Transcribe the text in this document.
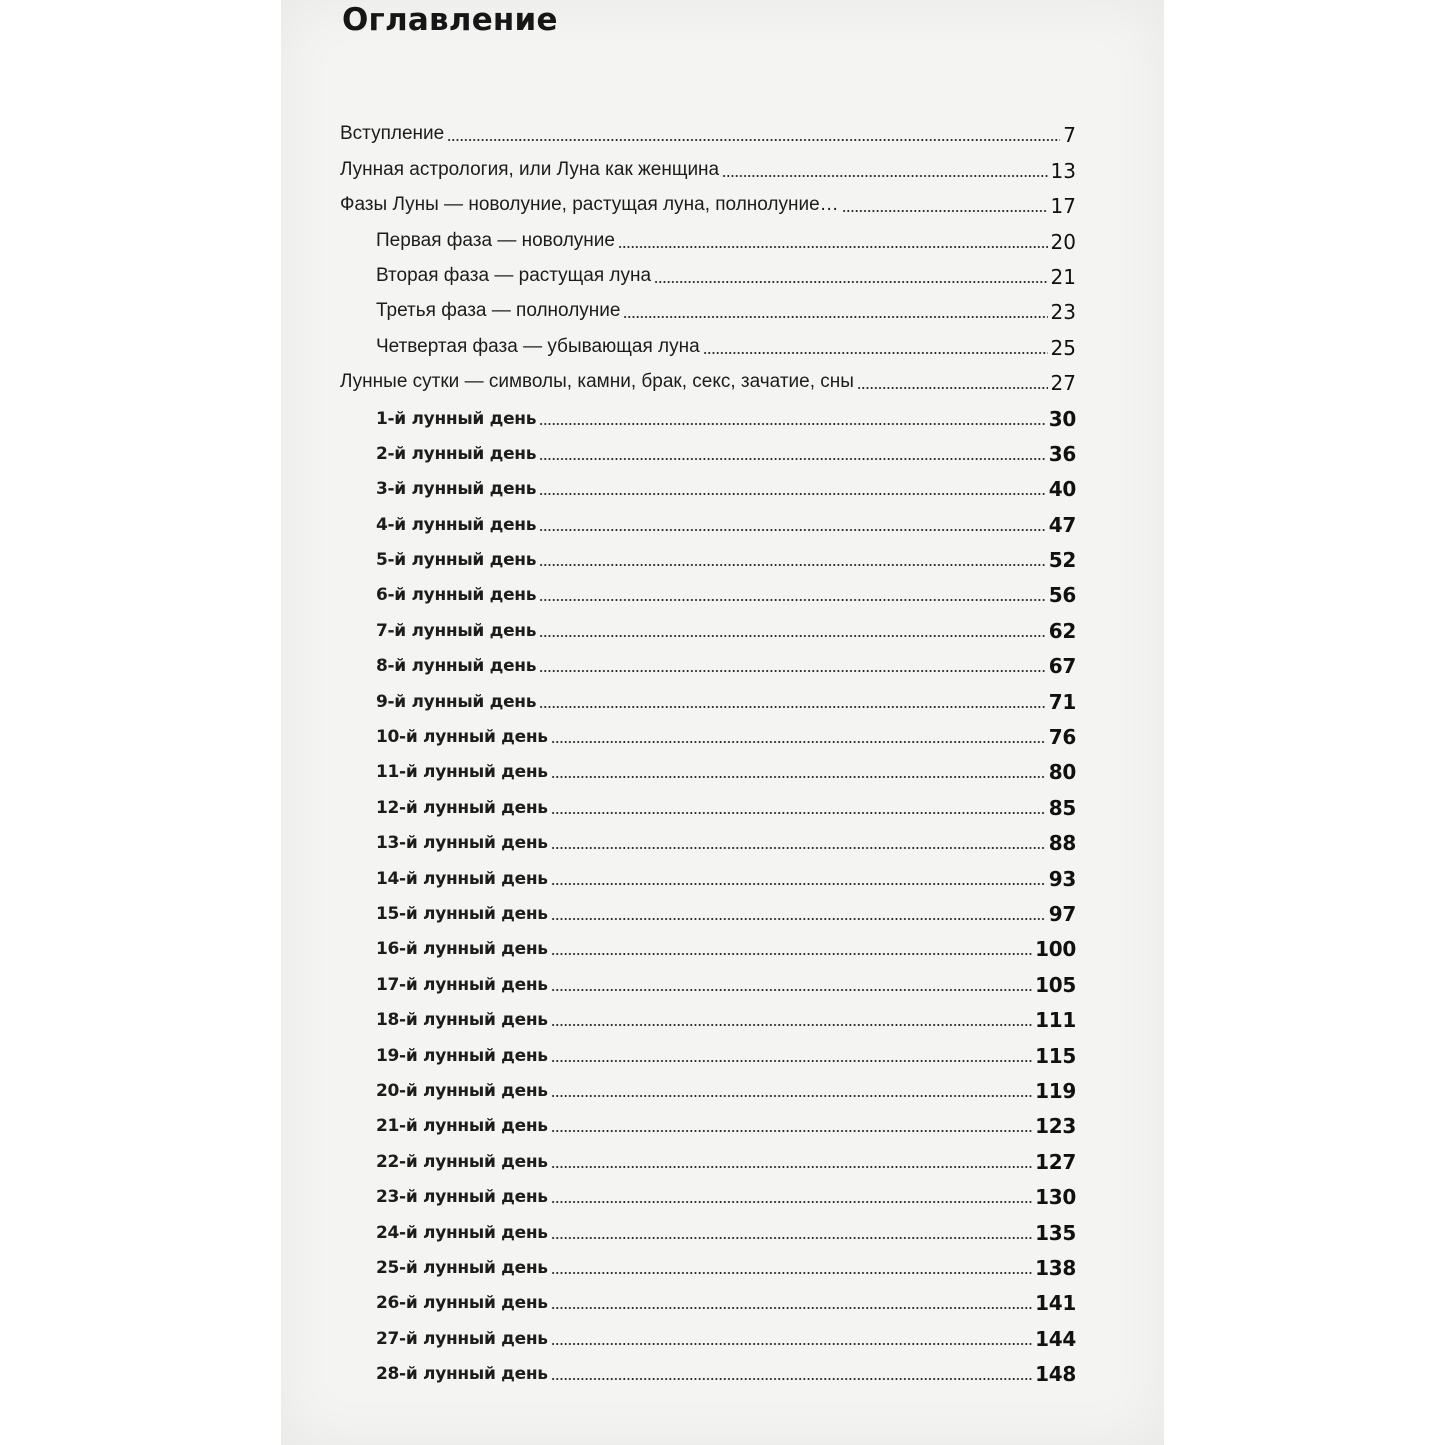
Оглавление
Вступление	7
Лунная астрология, или Луна как женщина	13
Фазы Луны — новолуние, растущая луна, полнолуние…	17
Первая фаза — новолуние	20
Вторая фаза — растущая луна	21
Третья фаза — полнолуние	23
Четвертая фаза — убывающая луна	25
Лунные сутки — символы, камни, брак, секс, зачатие, сны	27
1-й лунный день	30
2-й лунный день	36
3-й лунный день	40
4-й лунный день	47
5-й лунный день	52
6-й лунный день	56
7-й лунный день	62
8-й лунный день	67
9-й лунный день	71
10-й лунный день	76
11-й лунный день	80
12-й лунный день	85
13-й лунный день	88
14-й лунный день	93
15-й лунный день	97
16-й лунный день	100
17-й лунный день	105
18-й лунный день	111
19-й лунный день	115
20-й лунный день	119
21-й лунный день	123
22-й лунный день	127
23-й лунный день	130
24-й лунный день	135
25-й лунный день	138
26-й лунный день	141
27-й лунный день	144
28-й лунный день	148
